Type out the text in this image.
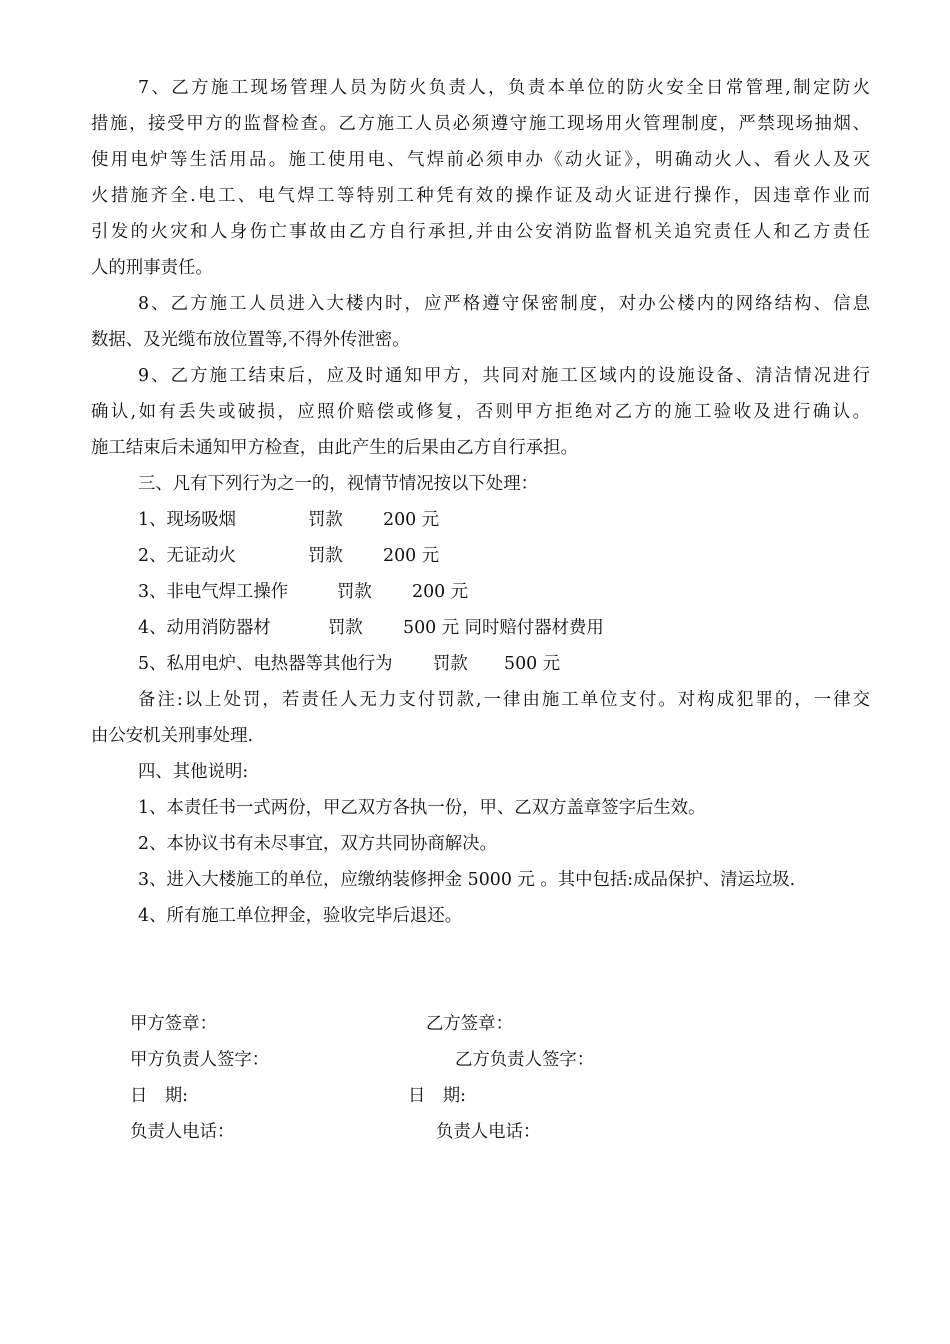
7、乙方施工现场管理人员为防火负责人，负责本单位的防火安全日常管理,制定防火
措施，接受甲方的监督检查。乙方施工人员必须遵守施工现场用火管理制度，严禁现场抽烟、
使用电炉等生活用品。施工使用电、气焊前必须申办《动火证》，明确动火人、看火人及灭
火措施齐全.电工、电气焊工等特别工种凭有效的操作证及动火证进行操作，因违章作业而
引发的火灾和人身伤亡事故由乙方自行承担,并由公安消防监督机关追究责任人和乙方责任
人的刑事责任。
8、乙方施工人员进入大楼内时，应严格遵守保密制度，对办公楼内的网络结构、信息
数据、及光缆布放位置等,不得外传泄密。
9、乙方施工结束后，应及时通知甲方，共同对施工区域内的设施设备、清洁情况进行
确认,如有丢失或破损，应照价赔偿或修复，否则甲方拒绝对乙方的施工验收及进行确认。
施工结束后未通知甲方检查，由此产生的后果由乙方自行承担。
三、凡有下列行为之一的，视情节情况按以下处理：
1、现场吸烟	罚款 200 元
2、无证动火	罚款 200 元
3、非电气焊工操作	罚款 200 元
4、动用消防器材	罚款 500 元 同时赔付器材费用
5、私用电炉、电热器等其他行为 罚款 500 元
备注:以上处罚，若责任人无力支付罚款,一律由施工单位支付。对构成犯罪的，一律交
由公安机关刑事处理.
四、其他说明:
1、本责任书一式两份，甲乙双方各执一份，甲、乙双方盖章签字后生效。
2、本协议书有未尽事宜，双方共同协商解决。
3、进入大楼施工的单位，应缴纳装修押金 5000 元 。其中包括:成品保护、清运垃圾.
4、所有施工单位押金，验收完毕后退还。
甲方签章：	乙方签章：
甲方负责人签字：	乙方负责人签字：
日　期:	日　期:
负责人电话：	负责人电话：
